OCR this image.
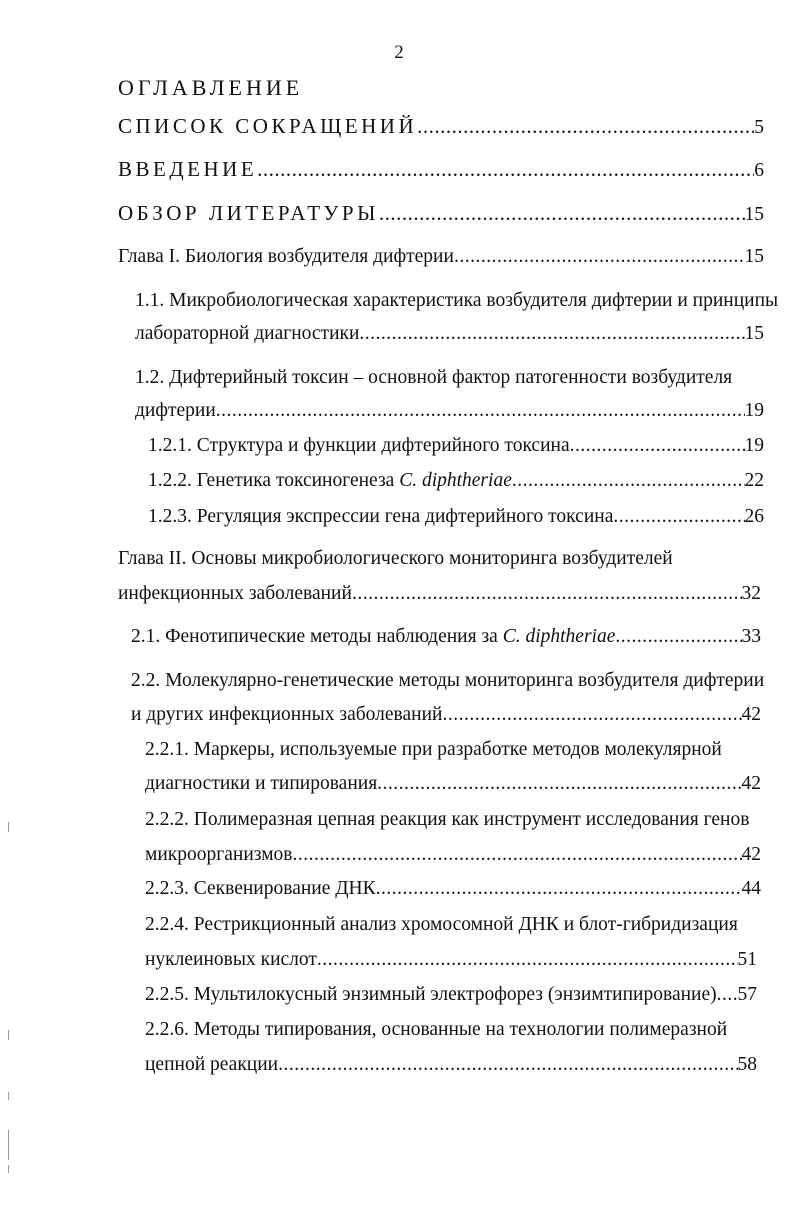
2
ОГЛАВЛЕНИЕ
СПИСОК СОКРАЩЕНИЙ .....	5
ВВЕДЕНИЕ .....	6
ОБЗОР ЛИТЕРАТУРЫ .....	15
Глава I. Биология возбудителя дифтерии .....	15
1.1. Микробиологическая характеристика возбудителя дифтерии и принципы
лабораторной диагностики .....	15
1.2. Дифтерийный токсин – основной фактор патогенности возбудителя
дифтерии .....	19
1.2.1. Структура и функции дифтерийного токсина .....	19
1.2.2. Генетика токсиногенеза C. diphtheriae .....	22
1.2.3. Регуляция экспрессии гена дифтерийного токсина .....	26
Глава II. Основы микробиологического мониторинга возбудителей
инфекционных заболеваний .....	32
2.1. Фенотипические методы наблюдения за C. diphtheriae .....	33
2.2. Молекулярно-генетические методы мониторинга возбудителя дифтерии
и других инфекционных заболеваний .....	42
2.2.1. Маркеры, используемые при разработке методов молекулярной
диагностики и типирования .....	42
2.2.2. Полимеразная цепная реакция как инструмент исследования генов
микроорганизмов .....	42
2.2.3. Секвенирование ДНК .....	44
2.2.4. Рестрикционный анализ хромосомной ДНК и блот-гибридизация
нуклеиновых кислот .....	51
2.2.5. Мультилокусный энзимный электрофорез (энзимтипирование) ..... 57
2.2.6. Методы типирования, основанные на технологии полимеразной
цепной реакции .....	58
